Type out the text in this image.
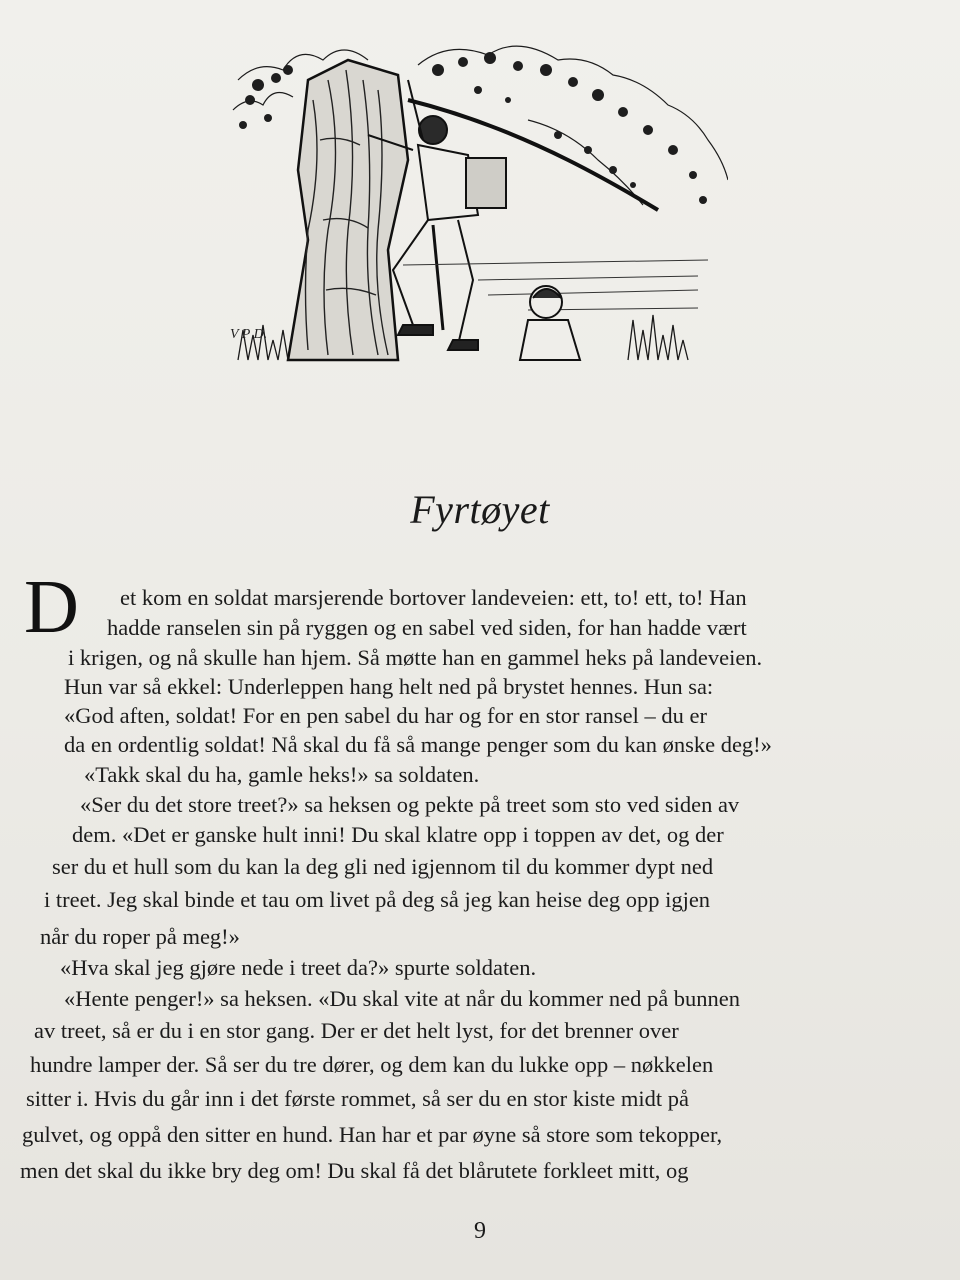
V P D.
Fyrtøyet
D et kom en soldat marsjerende bortover landeveien: ett, to! ett, to! Han
hadde ranselen sin på ryggen og en sabel ved siden, for han hadde vært
i krigen, og nå skulle han hjem. Så møtte han en gammel heks på landeveien.
Hun var så ekkel: Underleppen hang helt ned på brystet hennes. Hun sa:
«God aften, soldat! For en pen sabel du har og for en stor ransel – du er
da en ordentlig soldat! Nå skal du få så mange penger som du kan ønske deg!»
«Takk skal du ha, gamle heks!» sa soldaten.
«Ser du det store treet?» sa heksen og pekte på treet som sto ved siden av
dem. «Det er ganske hult inni! Du skal klatre opp i toppen av det, og der
ser du et hull som du kan la deg gli ned igjennom til du kommer dypt ned
i treet. Jeg skal binde et tau om livet på deg så jeg kan heise deg opp igjen
når du roper på meg!»
«Hva skal jeg gjøre nede i treet da?» spurte soldaten.
«Hente penger!» sa heksen. «Du skal vite at når du kommer ned på bunnen
av treet, så er du i en stor gang. Der er det helt lyst, for det brenner over
hundre lamper der. Så ser du tre dører, og dem kan du lukke opp – nøkkelen
sitter i. Hvis du går inn i det første rommet, så ser du en stor kiste midt på
gulvet, og oppå den sitter en hund. Han har et par øyne så store som tekopper,
men det skal du ikke bry deg om! Du skal få det blårutete forkleet mitt, og
9
